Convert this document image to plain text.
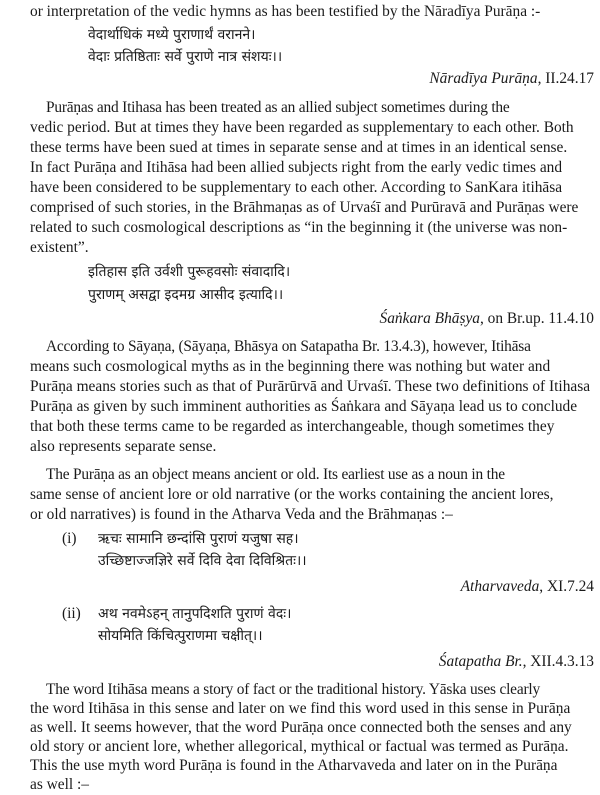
or interpretation of the vedic hymns as has been testified by the Nāradīya Purāṇa :-
वेदार्थाधिकं मध्ये पुराणार्थं वरानने।
वेदाः प्रतिष्ठिताः सर्वे पुराणे नात्र संशयः।।
Nāradīya Purāṇa, II.24.17
Purāṇas and Itihasa has been treated as an allied subject sometimes during the
vedic period. But at times they have been regarded as supplementary to each other. Both
these terms have been sued at times in separate sense and at times in an identical sense.
In fact Purāṇa and Itihāsa had been allied subjects right from the early vedic times and
have been considered to be supplementary to each other. According to SanKara itihāsa
comprised of such stories, in the Brāhmaṇas as of Urvaśī and Purūravā and Purāṇas were
related to such cosmological descriptions as “in the beginning it (the universe was non-
existent”.
इतिहास इति उर्वशी पुरूहवसोः संवादादि।
पुराणम् असद्वा इदमग्र आसीद इत्यादि।।
Śaṅkara Bhāṣya, on Br.up. 11.4.10
According to Sāyaṇa, (Sāyaṇa, Bhāsya on Satapatha Br. 13.4.3), however, Itihāsa
means such cosmological myths as in the beginning there was nothing but water and
Purāṇa means stories such as that of Purārūrvā and Urvaśī. These two definitions of Itihasa
Purāṇa as given by such imminent authorities as Śaṅkara and Sāyaṇa lead us to conclude
that both these terms came to be regarded as interchangeable, though sometimes they
also represents separate sense.
The Purāṇa as an object means ancient or old. Its earliest use as a noun in the
same sense of ancient lore or old narrative (or the works containing the ancient lores,
or old narratives) is found in the Atharva Veda and the Brāhmaṇas :–
(i) ऋचः सामानि छन्दांसि पुराणं यजुषा सह।
उच्छिष्टाज्जज्ञिरे सर्वे दिवि देवा दिविश्रितः।।
Atharvaveda, XI.7.24
(ii) अथ नवमेऽहन् तानुपदिशति पुराणं वेदः।
सोयमिति किंचित्पुराणमा चक्षीत्।।
Śatapatha Br., XII.4.3.13
The word Itihāsa means a story of fact or the traditional history. Yāska uses clearly
the word Itihāsa in this sense and later on we find this word used in this sense in Purāṇa
as well. It seems however, that the word Purāṇa once connected both the senses and any
old story or ancient lore, whether allegorical, mythical or factual was termed as Purāṇa.
This the use myth word Purāṇa is found in the Atharvaveda and later on in the Purāṇa
as well :–
